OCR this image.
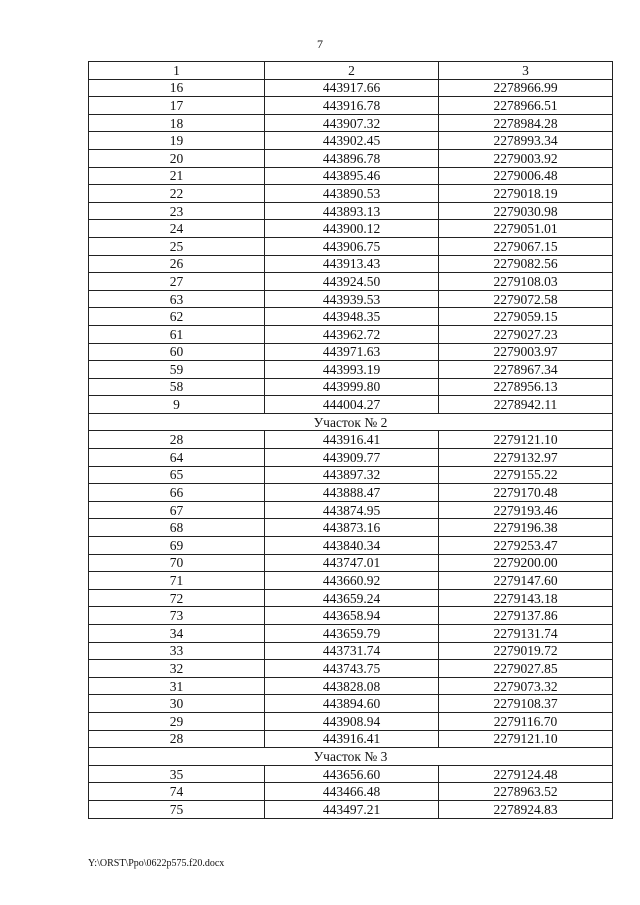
7
1	2	3
16	443917.66	2278966.99
17	443916.78	2278966.51
18	443907.32	2278984.28
19	443902.45	2278993.34
20	443896.78	2279003.92
21	443895.46	2279006.48
22	443890.53	2279018.19
23	443893.13	2279030.98
24	443900.12	2279051.01
25	443906.75	2279067.15
26	443913.43	2279082.56
27	443924.50	2279108.03
63	443939.53	2279072.58
62	443948.35	2279059.15
61	443962.72	2279027.23
60	443971.63	2279003.97
59	443993.19	2278967.34
58	443999.80	2278956.13
9	444004.27	2278942.11
Участок № 2		
28	443916.41	2279121.10
64	443909.77	2279132.97
65	443897.32	2279155.22
66	443888.47	2279170.48
67	443874.95	2279193.46
68	443873.16	2279196.38
69	443840.34	2279253.47
70	443747.01	2279200.00
71	443660.92	2279147.60
72	443659.24	2279143.18
73	443658.94	2279137.86
34	443659.79	2279131.74
33	443731.74	2279019.72
32	443743.75	2279027.85
31	443828.08	2279073.32
30	443894.60	2279108.37
29	443908.94	2279116.70
28	443916.41	2279121.10
Участок № 3		
35	443656.60	2279124.48
74	443466.48	2278963.52
75	443497.21	2278924.83
Y:\ORST\Ppo\0622p575.f20.docx
